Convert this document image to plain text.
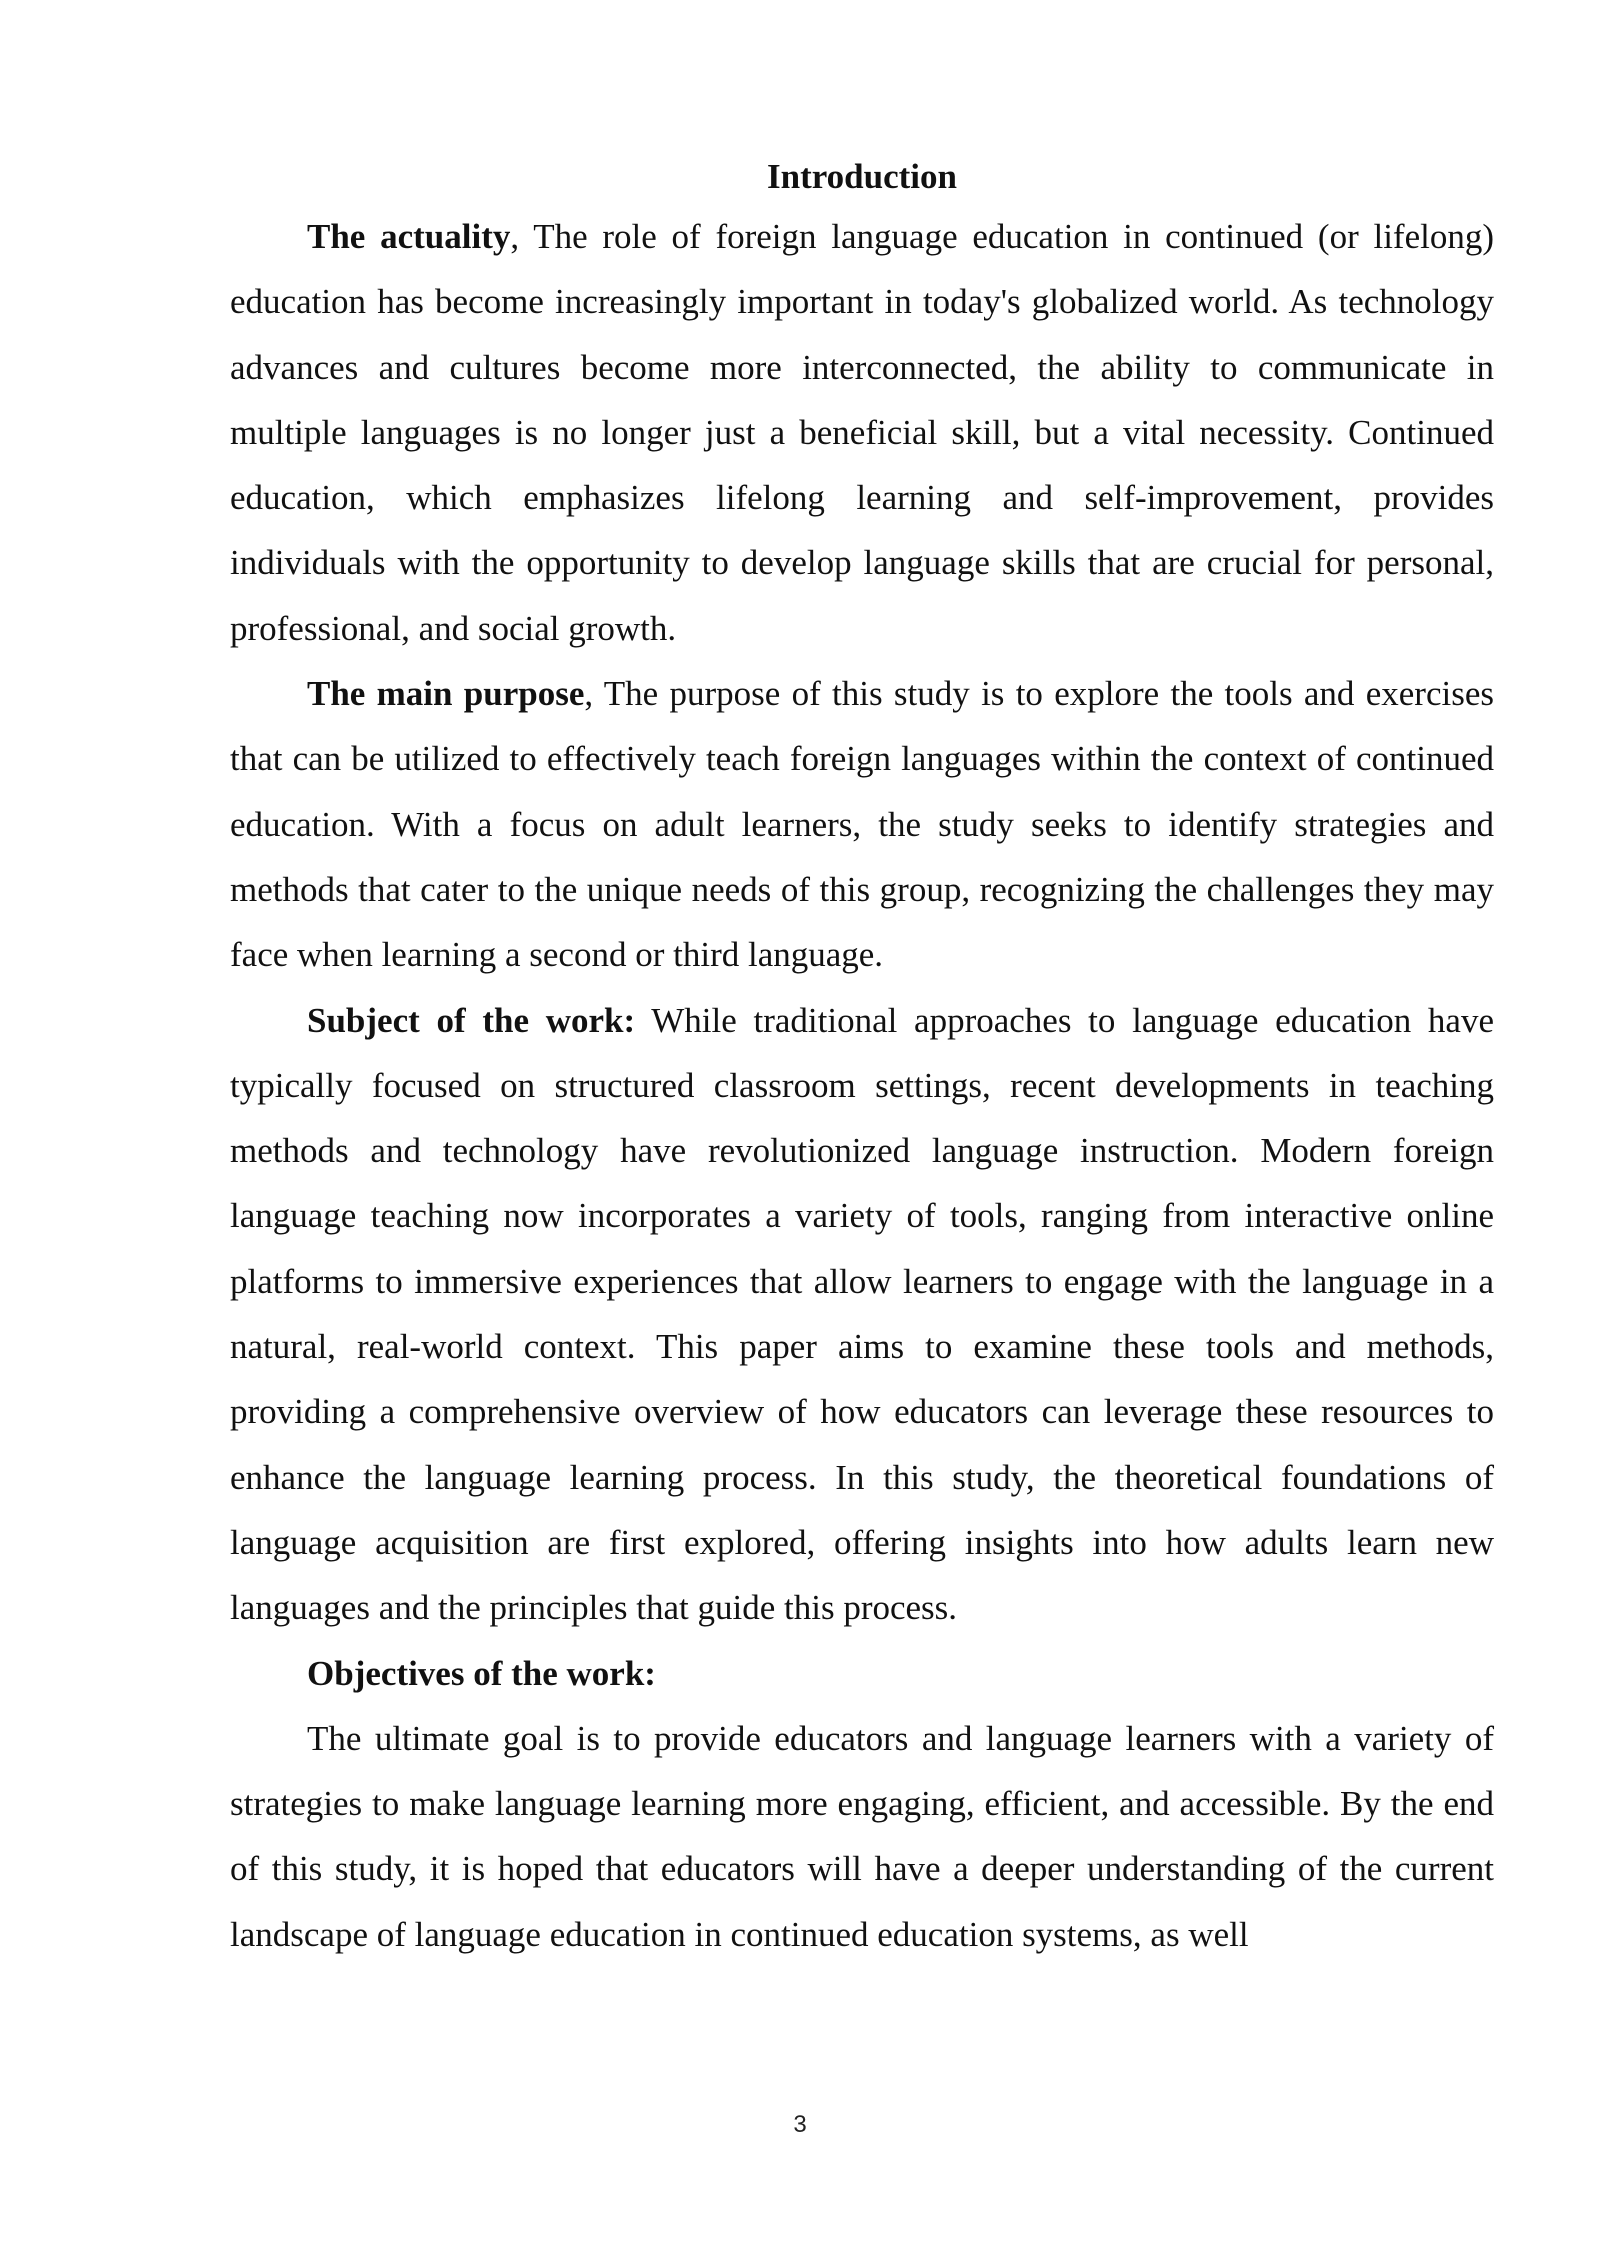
Introduction

The actuality, The role of foreign language education in continued (or lifelong) education has become increasingly important in today's globalized world. As technology advances and cultures become more interconnected, the ability to communicate in multiple languages is no longer just a beneficial skill, but a vital necessity. Continued education, which emphasizes lifelong learning and self-improvement, provides individuals with the opportunity to develop language skills that are crucial for personal, professional, and social growth.

The main purpose, The purpose of this study is to explore the tools and exercises that can be utilized to effectively teach foreign languages within the context of continued education. With a focus on adult learners, the study seeks to identify strategies and methods that cater to the unique needs of this group, recognizing the challenges they may face when learning a second or third language.

Subject of the work: While traditional approaches to language education have typically focused on structured classroom settings, recent developments in teaching methods and technology have revolutionized language instruction. Modern foreign language teaching now incorporates a variety of tools, ranging from interactive online platforms to immersive experiences that allow learners to engage with the language in a natural, real-world context. This paper aims to examine these tools and methods, providing a comprehensive overview of how educators can leverage these resources to enhance the language learning process. In this study, the theoretical foundations of language acquisition are first explored, offering insights into how adults learn new languages and the principles that guide this process.

Objectives of the work:

The ultimate goal is to provide educators and language learners with a variety of strategies to make language learning more engaging, efficient, and accessible. By the end of this study, it is hoped that educators will have a deeper understanding of the current landscape of language education in continued education systems, as well

3
